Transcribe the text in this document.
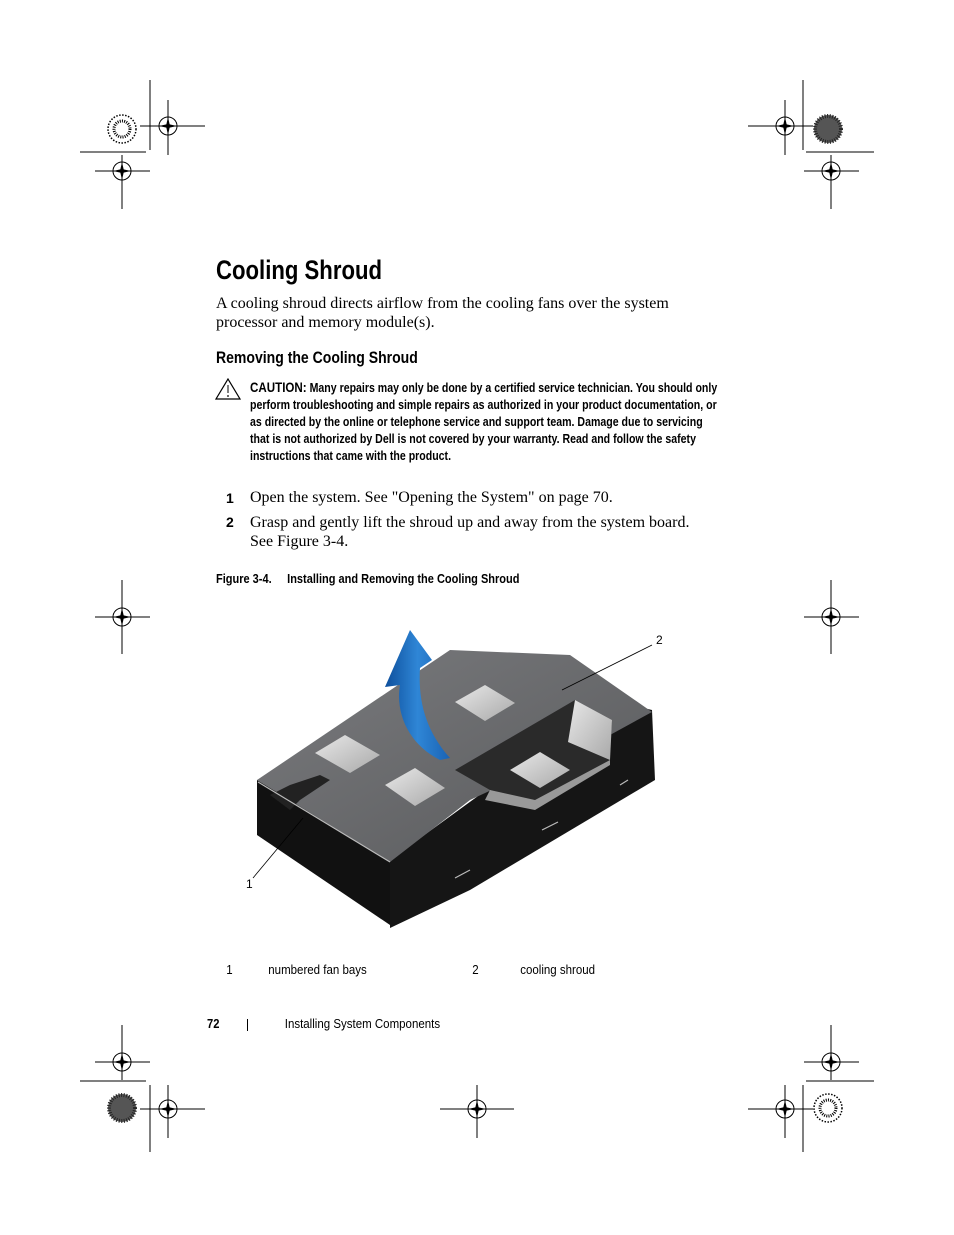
Cooling Shroud
A cooling shroud directs airflow from the cooling fans over the system processor and memory module(s).
Removing the Cooling Shroud
CAUTION: Many repairs may only be done by a certified service technician. You should only perform troubleshooting and simple repairs as authorized in your product documentation, or as directed by the online or telephone service and support team. Damage due to servicing that is not authorized by Dell is not covered by your warranty. Read and follow the safety instructions that came with the product.
1 Open the system. See "Opening the System" on page 70.
2 Grasp and gently lift the shroud up and away from the system board. See Figure 3-4.
Figure 3-4. Installing and Removing the Cooling Shroud
1
2
1	numbered fan bays	2	cooling shroud
72	Installing System Components
